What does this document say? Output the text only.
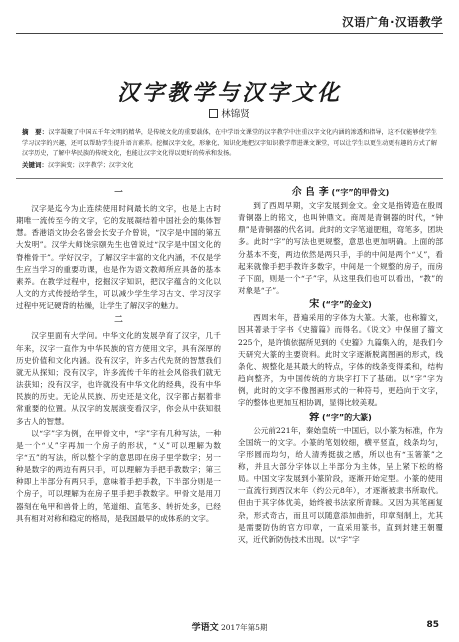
汉语广角·汉语教学
汉字教学与汉字文化
林锦贤

摘　要：汉字凝聚了中国五千年文明的精华，是传统文化的重要载体，在中学语文课堂的汉字教学中注重汉字文化内涵的渗透和指导，这不仅能够使学生学习汉字的兴趣，还可以帮助学生提升语言素养。挖掘汉字文化，形象化、知识化地把汉字知识教学带进课文课堂，可以让学生以更生动更有趣的方式了解汉字历史，了解中华民族的传统文化，也能让汉字文化得以更好的传承和发扬。

关键词：汉字演变；汉字教学；汉字文化

一

汉字是迄今为止连续使用时间最长的文字，也是上古时期唯一流传至今的文字，它的发展凝结着中国社会的集体智慧。香港语文协会名誉会长安子介曾说，“汉字是中国的第五大发明”。汉学大师饶宗颐先生也曾说过“汉字是中国文化的脊椎骨干”。学好汉字，了解汉字丰富的文化内涵，不仅是学生应当学习的重要功课，也是作为语文教师所应具备的基本素养。在教学过程中，挖掘汉字知识，把汉字蕴含的文化以人文的方式传授给学生，可以减少学生学习古文、学习汉字过程中死记硬背的枯燥，让学生了解汉字的魅力。

二

汉字里面有大学问。中华文化的发展孕育了汉字，几千年来，汉字一直作为中华民族的官方使用文字，具有深厚的历史价值和文化内涵。没有汉字，许多古代先贤的智慧我们就无从探知；没有汉字，许多流传千年的社会风俗我们就无法获知；没有汉字，也许就没有中华文化的经典，没有中华民族的历史。无论从民族、历史还是文化，汉字都占据着非常重要的位置。从汉字的发展演变看汉字，你会从中获知很多古人的智慧。

以“字”字为例，在甲骨文中，“字”字有几种写法，一种是一个“乂”字再加一个房子的形状，“乂”可以理解为数字“五”的写法，所以整个字的意思即在房子里学数字；另一种是数字的两边有两只手，可以理解为手把手教数字；第三种即上半部分有两只手，意味着手把手教，下半部分则是一个房子，可以理解为在房子里手把手教数字。甲骨文是用刀器刻在龟甲和兽骨上的，笔道细、直笔多、转折处多，已经具有相对对称和稳定的格局，是我国最早的成体系的文字。

尒 𠂤 斈 (“字”的甲骨文)

到了西周早期，文字发展到金文。金文是指铸造在殷周青铜器上的铭文，也叫钟鼎文。商周是青铜器的时代，“钟鼎”是青铜器的代名词。此时的文字笔道肥粗，弯笔多，团块多。此时“字”的写法也更规整，意思也更加明确。上面的部分基本不变，两边依然是两只手，手的中间是两个“乂”，看起来就像手把手教许多数字，中间是一个规整的房子，而房子下面，则是一个“子”字，从这里我们也可以看出，“教”的对象是“子”。

宋 (“字”的金文)

西周末年，普遍采用的字体为大篆。大篆，也称籀文，因其著录于字书《史籀篇》而得名。《说文》中保留了籀文225个，是许慎依据所见到的《史籀》九篇集入的，是我们今天研究大篆的主要资料。此时文字逐渐脱离图画的形式，线条化、规整化是其最大的特点，字体的线条变得柔和，结构趋向整齐，为中国传统的方块字打下了基础。以“字”字为例，此时的文字不像图画形式的一种符号，更趋向于文字，字的整体也更加互相协调，显得比较美观。

𡦂 (“字”的大篆)

公元前221年，秦始皇统一中国后，以小篆为标准，作为全国统一的文字。小篆的笔划较细，横平竖直，线条均匀，字形圆而均匀，给人清秀挺拔之感，所以也有“玉箸篆”之称，并且大部分字体以上半部分为主体，呈上紧下松的格局。中国文字发展到小篆阶段，逐渐开始定型。小篆的使用一直流行到西汉末年（约公元8年），才逐渐被隶书所取代。但由于其字体优美，始终被书法家所青睐。又因为其笔画复杂，形式奇古，而且可以随意添加曲折，印章刻制上，尤其是需要防伪的官方印章，一直采用篆书，直到封建王朝覆灭，近代新防伪技术出现。以“字”字

学语文 2017年第5期	85
